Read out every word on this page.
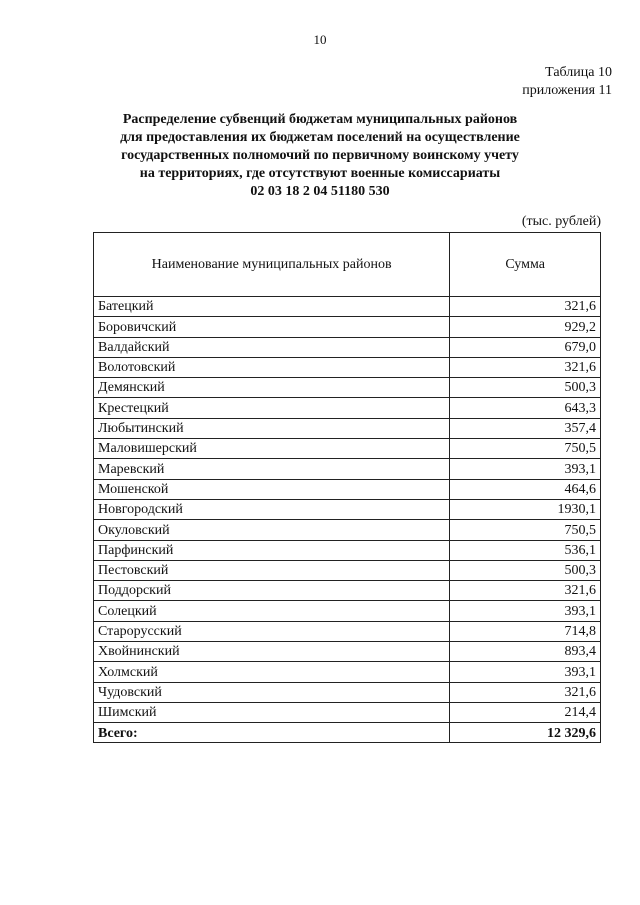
10
Таблица 10
приложения 11
Распределение субвенций бюджетам муниципальных районов
для предоставления их бюджетам поселений на осуществление
государственных полномочий по первичному воинскому учету
на территориях, где отсутствуют военные комиссариаты
02 03 18 2 04 51180 530
(тыс. рублей)
Наименование муниципальных районов	Сумма
Батецкий	321,6
Боровичский	929,2
Валдайский	679,0
Волотовский	321,6
Демянский	500,3
Крестецкий	643,3
Любытинский	357,4
Маловишерский	750,5
Маревский	393,1
Мошенской	464,6
Новгородский	1930,1
Окуловский	750,5
Парфинский	536,1
Пестовский	500,3
Поддорский	321,6
Солецкий	393,1
Старорусский	714,8
Хвойнинский	893,4
Холмский	393,1
Чудовский	321,6
Шимский	214,4
Всего:	12 329,6
